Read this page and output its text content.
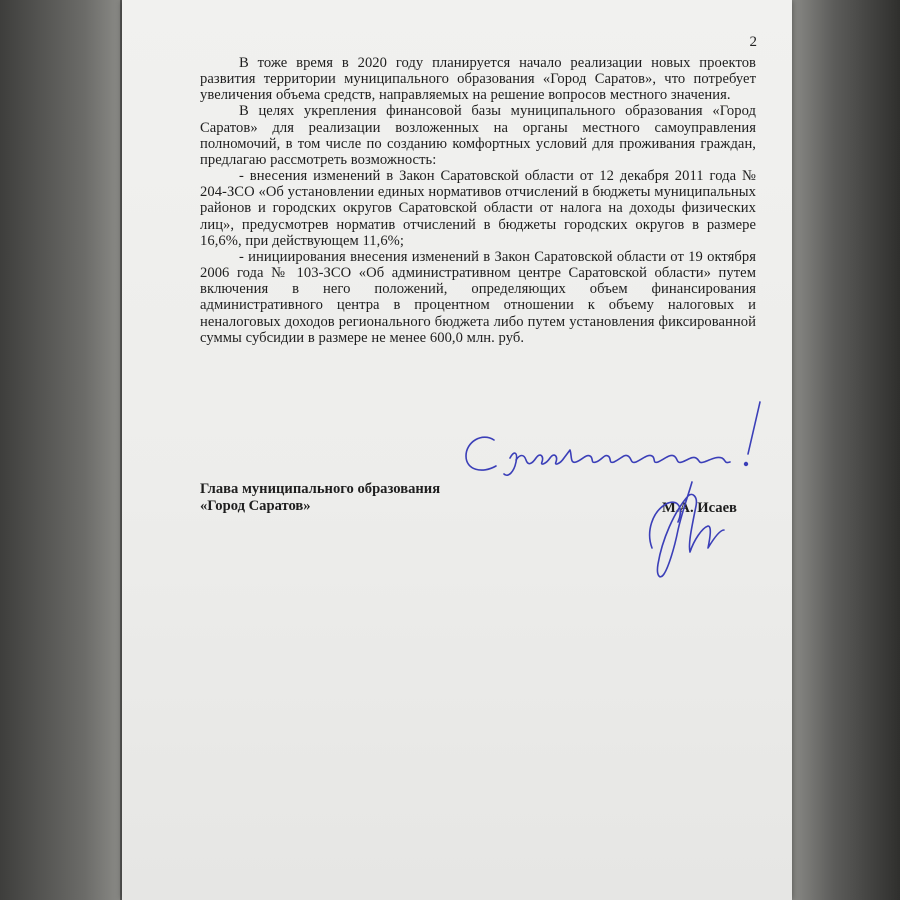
2

В тоже время в 2020 году планируется начало реализации новых проектов развития территории муниципального образования «Город Саратов», что потребует увеличения объема средств, направляемых на решение вопросов местного значения.

В целях укрепления финансовой базы муниципального образования «Город Саратов» для реализации возложенных на органы местного самоуправления полномочий, в том числе по созданию комфортных условий для проживания граждан, предлагаю рассмотреть возможность:

- внесения изменений в Закон Саратовской области от 12 декабря 2011 года № 204-ЗСО «Об установлении единых нормативов отчислений в бюджеты муниципальных районов и городских округов Саратовской области от налога на доходы физических лиц», предусмотрев норматив отчислений в бюджеты городских округов в размере 16,6%, при действующем 11,6%;

- инициирования внесения изменений в Закон Саратовской области от 19 октября 2006 года № 103-ЗСО «Об административном центре Саратовской области» путем включения в него положений, определяющих объем финансирования административного центра в процентном отношении к объему налоговых и неналоговых доходов регионального бюджета либо путем установления фиксированной суммы субсидии в размере не менее 600,0 млн. руб.

Глава муниципального образования
«Город Саратов»	М.А. Исаев
